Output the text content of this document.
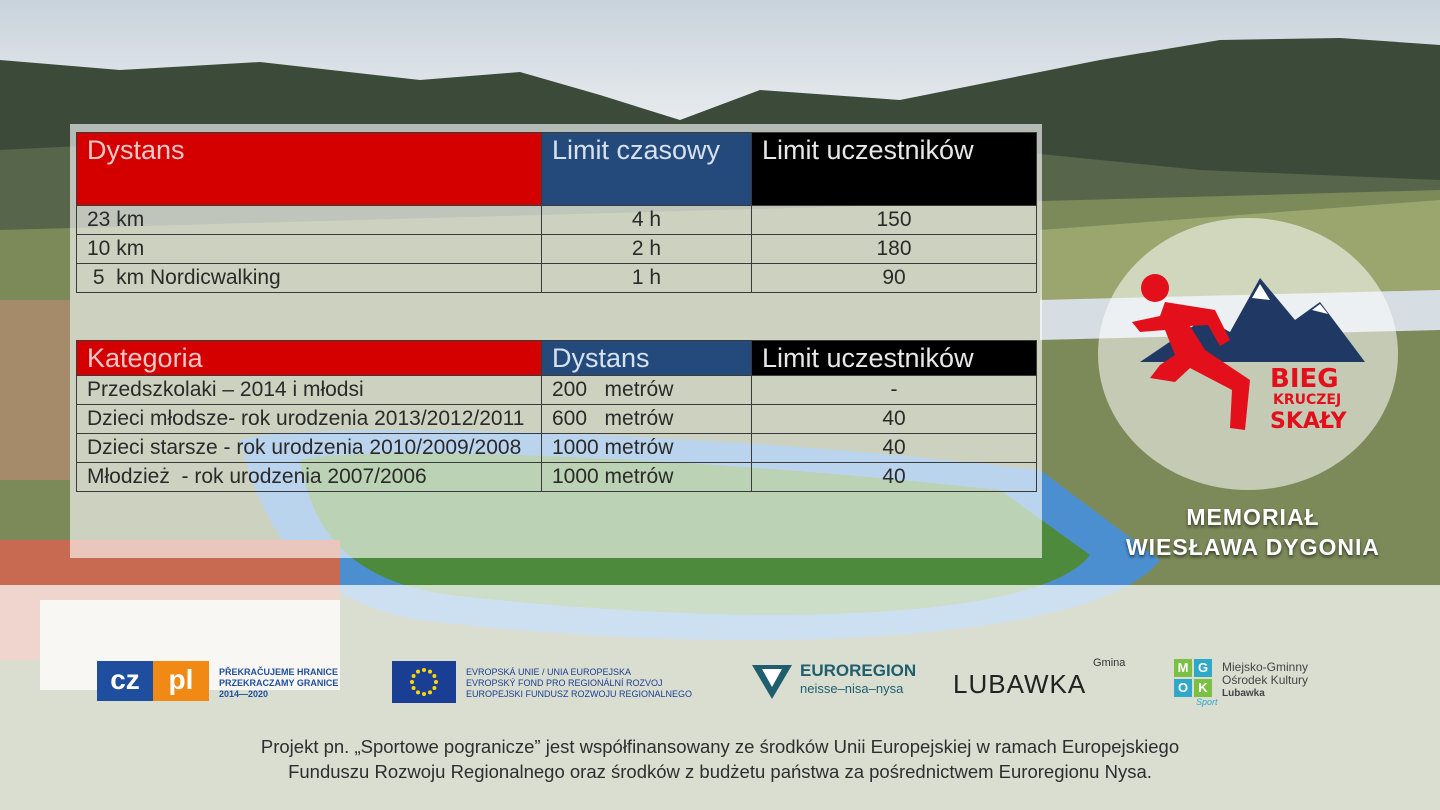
Dystans	Limit czasowy	Limit uczestników
23 km	4 h	150
10 km	2 h	180
5  km Nordicwalking	1 h	90
Kategoria	Dystans	Limit uczestników
Przedszkolaki – 2014 i młodsi	200   metrów	-
Dzieci młodsze- rok urodzenia 2013/2012/2011	600   metrów	40
Dzieci starsze - rok urodzenia 2010/2009/2008	1000 metrów	40
Młodzież  - rok urodzenia 2007/2006	1000 metrów	40
BIEG
KRUCZEJ
SKAŁY
MEMORIAŁ
WIESŁAWA DYGONIA
cz	pl	PŘEKRAČUJEME HRANICE
PRZEKRACZAMY GRANICE
2014—2020
EVROPSKÁ UNIE / UNIA EUROPEJSKA
EVROPSKÝ FOND PRO REGIONÁLNÍ ROZVOJ
EUROPEJSKI FUNDUSZ ROZWOJU REGIONALNEGO
EUROREGION
neisse–nisa–nysa
Gmina
LUBAWKA
M G
O K
Sport
Miejsko-Gminny
Ośrodek Kultury
Lubawka
Projekt pn. „Sportowe pogranicze” jest współfinansowany ze środków Unii Europejskiej w ramach Europejskiego
Funduszu Rozwoju Regionalnego oraz środków z budżetu państwa za pośrednictwem Euroregionu Nysa.
